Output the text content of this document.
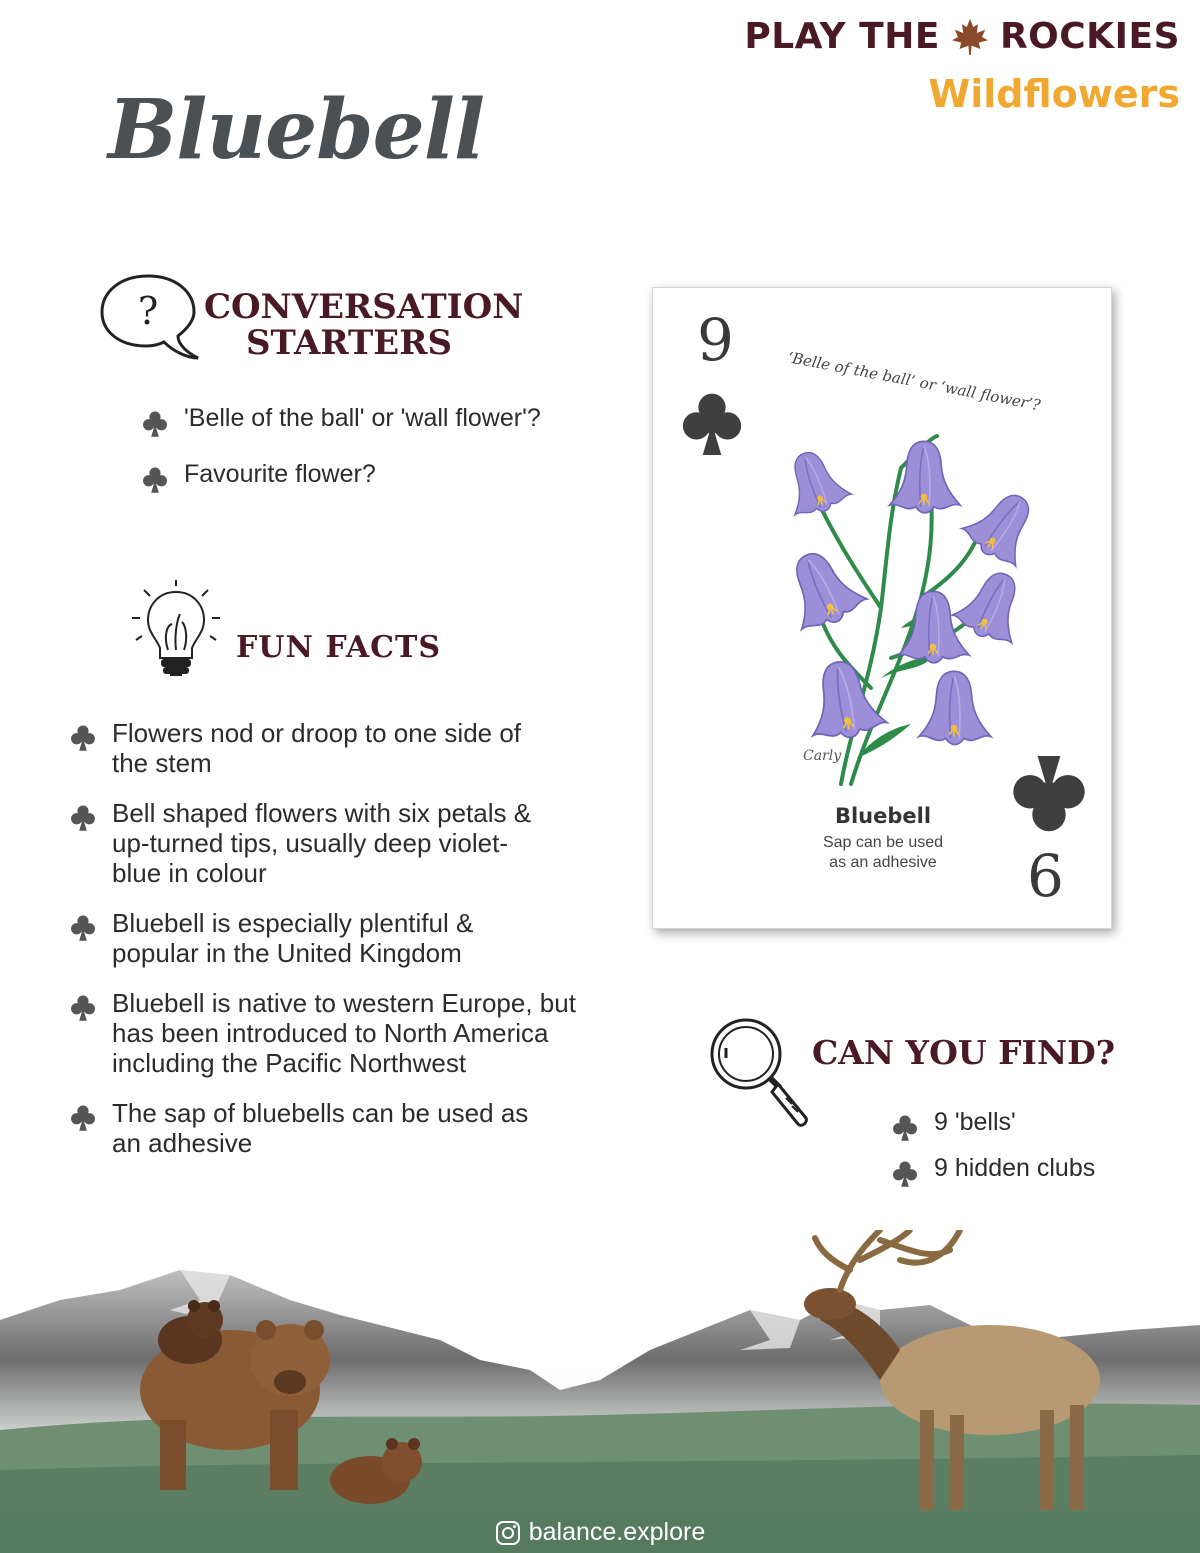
PLAY THE ROCKIES
Wildflowers
Bluebell
? CONVERSATION
STARTERS
'Belle of the ball' or 'wall flower'?
Favourite flower?
FUN FACTS
Flowers nod or droop to one side of the stem
Bell shaped flowers with six petals & up-turned tips, usually deep violet-blue in colour
Bluebell is especially plentiful & popular in the United Kingdom
Bluebell is native to western Europe, but has been introduced to North America including the Pacific Northwest
The sap of bluebells can be used as an adhesive
9	‘Belle of the ball’ or ‘wall flower’?
Carly
Bluebell
Sap can be used
as an adhesive	6
CAN YOU FIND?
9 'bells'
9 hidden clubs
balance.explore
